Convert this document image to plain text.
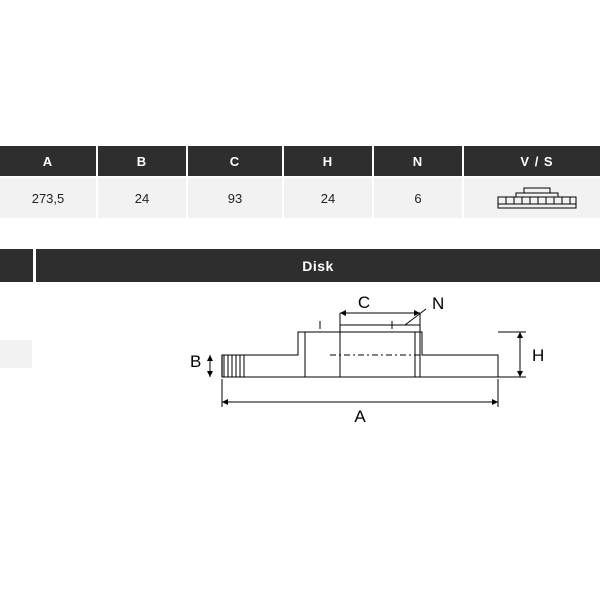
A	B	C	H	N	V / S
273,5	24	93	24	6	
Disk
C	N
H
B
A
